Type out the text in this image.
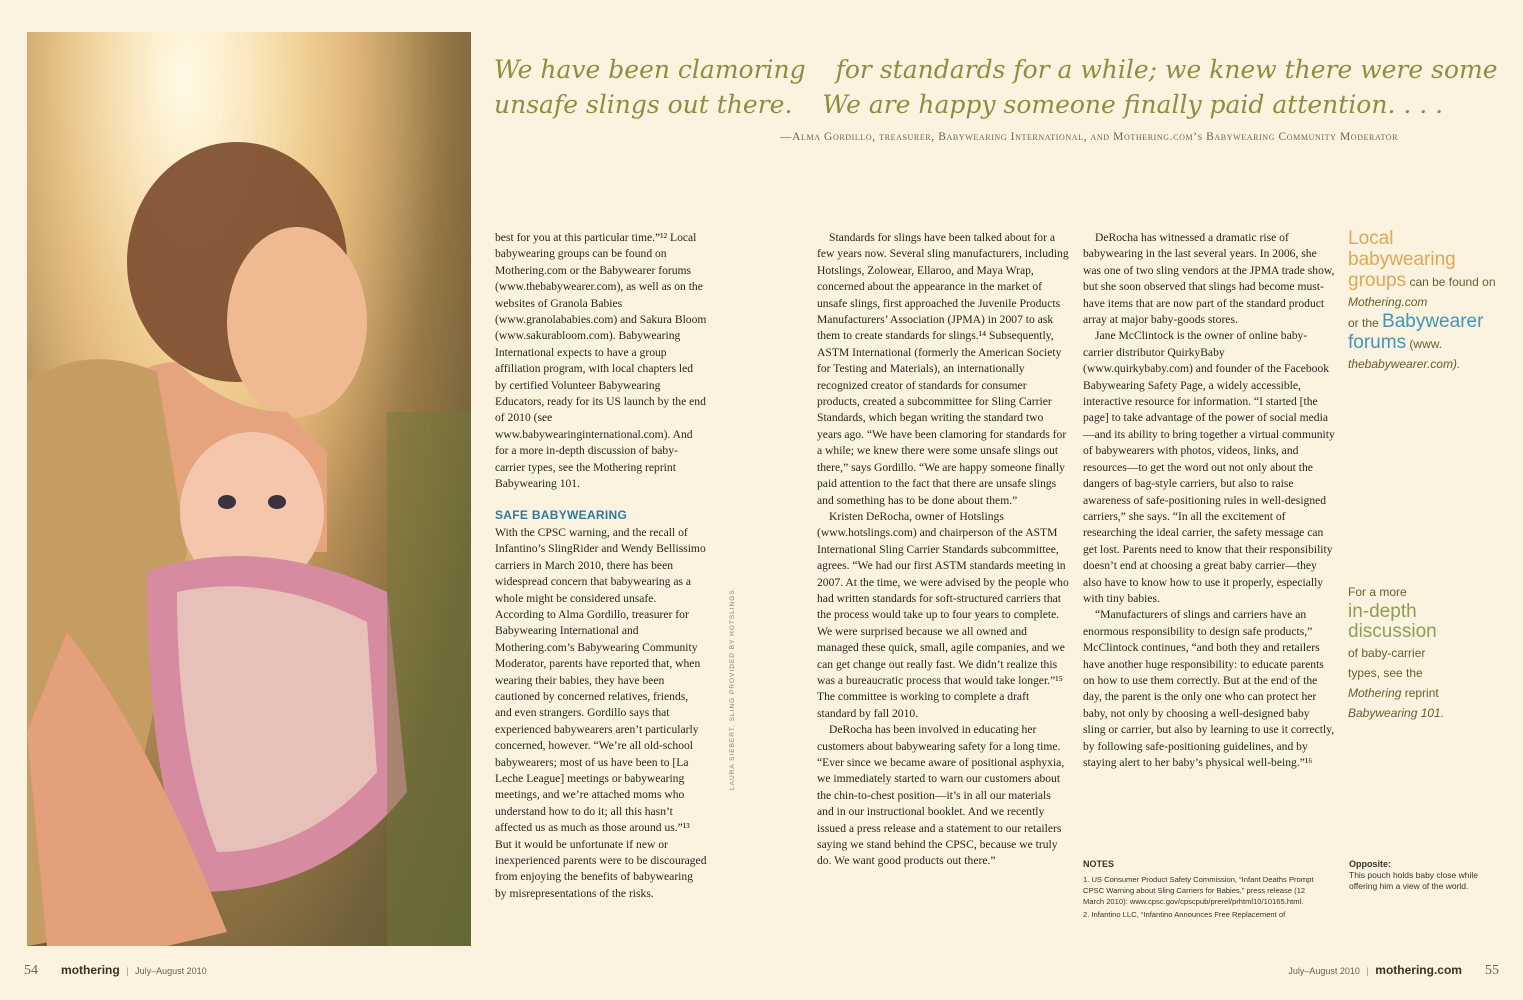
LAURA SIEBERT. SLING PROVIDED BY HOTSLINGS.
We have been clamoring for standards for a while; we knew there were some
unsafe slings out there. We are happy someone finally paid attention. . . .
—Alma Gordillo, treasurer, Babywearing International, and Mothering.com’s Babywearing Community Moderator

best for you at this particular time.”¹² Local babywearing groups can be found on Mothering.com or the Babywearer forums (www.thebabywearer.com), as well as on the websites of Granola Babies (www.granolababies.com) and Sakura Bloom (www.sakurabloom.com). Babywearing International expects to have a group affiliation program, with local chapters led by certified Volunteer Babywearing Educators, ready for its US launch by the end of 2010 (see www.babywearinginternational.com). And for a more in-depth discussion of baby-carrier types, see the Mothering reprint Babywearing 101.

SAFE BABYWEARING

With the CPSC warning, and the recall of Infantino’s SlingRider and Wendy Bellissimo carriers in March 2010, there has been widespread concern that babywearing as a whole might be considered unsafe. According to Alma Gordillo, treasurer for Babywearing International and Mothering.com’s Babywearing Community Moderator, parents have reported that, when wearing their babies, they have been cautioned by concerned relatives, friends, and even strangers. Gordillo says that experienced babywearers aren’t particularly concerned, however. “We’re all old-school babywearers; most of us have been to [La Leche League] meetings or babywearing meetings, and we’re attached moms who understand how to do it; all this hasn’t affected us as much as those around us.”¹³ But it would be unfortunate if new or inexperienced parents were to be discouraged from enjoying the benefits of babywearing by misrepresentations of the risks.

Standards for slings have been talked about for a few years now. Several sling manufacturers, including Hotslings, Zolowear, Ellaroo, and Maya Wrap, concerned about the appearance in the market of unsafe slings, first approached the Juvenile Products Manufacturers’ Association (JPMA) in 2007 to ask them to create standards for slings.¹⁴ Subsequently, ASTM International (formerly the American Society for Testing and Materials), an internationally recognized creator of standards for consumer products, created a subcommittee for Sling Carrier Standards, which began writing the standard two years ago. “We have been clamoring for standards for a while; we knew there were some unsafe slings out there,” says Gordillo. “We are happy someone finally paid attention to the fact that there are unsafe slings and something has to be done about them.”

Kristen DeRocha, owner of Hotslings (www.hotslings.com) and chairperson of the ASTM International Sling Carrier Standards subcommittee, agrees. “We had our first ASTM standards meeting in 2007. At the time, we were advised by the people who had written standards for soft-structured carriers that the process would take up to four years to complete. We were surprised because we all owned and managed these quick, small, agile companies, and we can get change out really fast. We didn’t realize this was a bureaucratic process that would take longer.”¹⁵ The committee is working to complete a draft standard by fall 2010.

DeRocha has been involved in educating her customers about babywearing safety for a long time. “Ever since we became aware of positional asphyxia, we immediately started to warn our customers about the chin-to-chest position—it’s in all our materials and in our instructional booklet. And we recently issued a press release and a statement to our retailers saying we stand behind the CPSC, because we truly do. We want good products out there.”

DeRocha has witnessed a dramatic rise of babywearing in the last several years. In 2006, she was one of two sling vendors at the JPMA trade show, but she soon observed that slings had become must-have items that are now part of the standard product array at major baby-goods stores.

Jane McClintock is the owner of online baby-carrier distributor QuirkyBaby (www.quirkybaby.com) and founder of the Facebook Babywearing Safety Page, a widely accessible, interactive resource for information. “I started [the page] to take advantage of the power of social media—and its ability to bring together a virtual community of babywearers with photos, videos, links, and resources—to get the word out not only about the dangers of bag-style carriers, but also to raise awareness of safe-positioning rules in well-designed carriers,” she says. “In all the excitement of researching the ideal carrier, the safety message can get lost. Parents need to know that their responsibility doesn’t end at choosing a great baby carrier—they also have to know how to use it properly, especially with tiny babies.

“Manufacturers of slings and carriers have an enormous responsibility to design safe products,” McClintock continues, “and both they and retailers have another huge responsibility: to educate parents on how to use them correctly. But at the end of the day, the parent is the only one who can protect her baby, not only by choosing a well-designed baby sling or carrier, but also by learning to use it correctly, by following safe-positioning guidelines, and by staying alert to her baby’s physical well-being.”¹⁶

NOTES

1. US Consumer Product Safety Commission, “Infant Deaths Prompt CPSC Warning about Sling Carriers for Babies,” press release (12 March 2010): www.cpsc.gov/cpscpub/prerel/prhtml10/10165.html.

2. Infantino LLC, “Infantino Announces Free Replacement of

Local babywearing groups can be found on
Mothering.com
or the Babywearer forums (www.
thebabywearer.com).
For a more
in-depth discussion
of baby-carrier types, see the
Mothering reprint
Babywearing 101.
Opposite:
This pouch holds baby close while offering him a view of the world.
54 mothering | July–August 2010	July–August 2010 | mothering.com 55
